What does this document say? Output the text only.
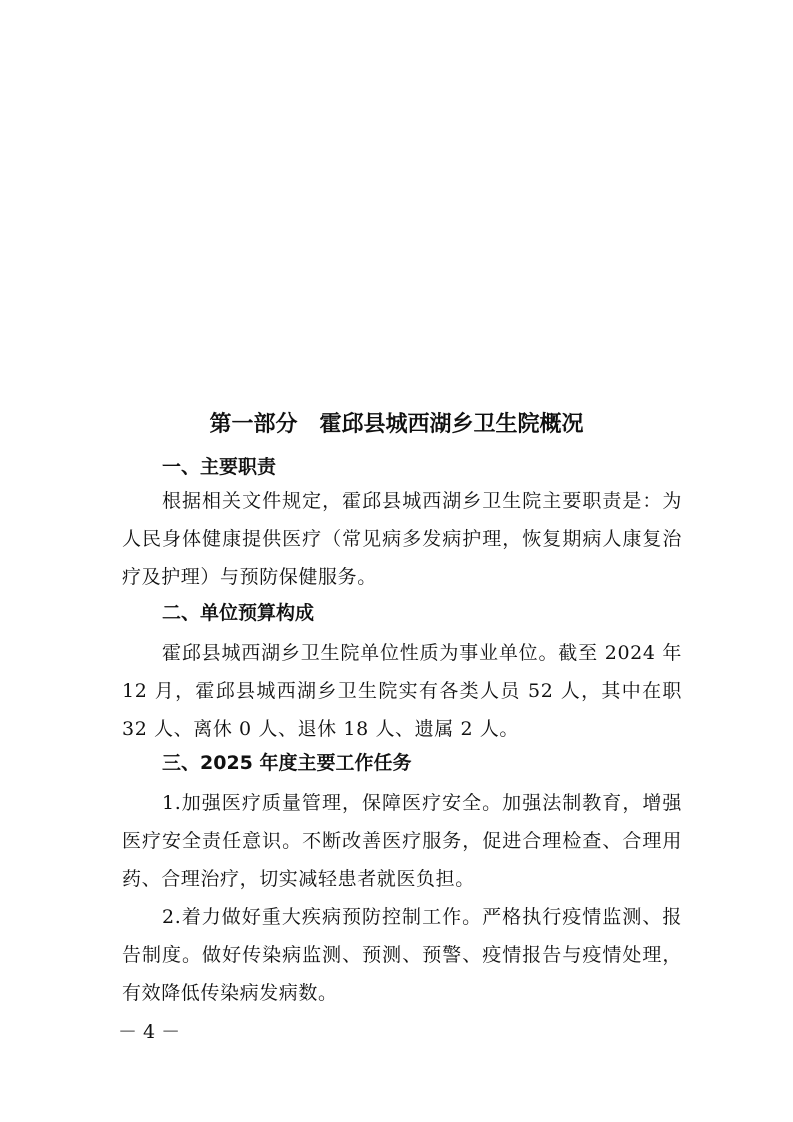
第一部分　霍邱县城西湖乡卫生院概况
一、主要职责

根据相关文件规定，霍邱县城西湖乡卫生院主要职责是：为人民身体健康提供医疗（常见病多发病护理，恢复期病人康复治疗及护理）与预防保健服务。

二、单位预算构成

霍邱县城西湖乡卫生院单位性质为事业单位。截至 2024 年 12 月，霍邱县城西湖乡卫生院实有各类人员 52 人，其中在职 32 人、离休 0 人、退休 18 人、遗属 2 人。

三、2025 年度主要工作任务

1.加强医疗质量管理，保障医疗安全。加强法制教育，增强医疗安全责任意识。不断改善医疗服务，促进合理检查、合理用药、合理治疗，切实减轻患者就医负担。

2.着力做好重大疾病预防控制工作。严格执行疫情监测、报告制度。做好传染病监测、预测、预警、疫情报告与疫情处理，有效降低传染病发病数。

－ 4 －
